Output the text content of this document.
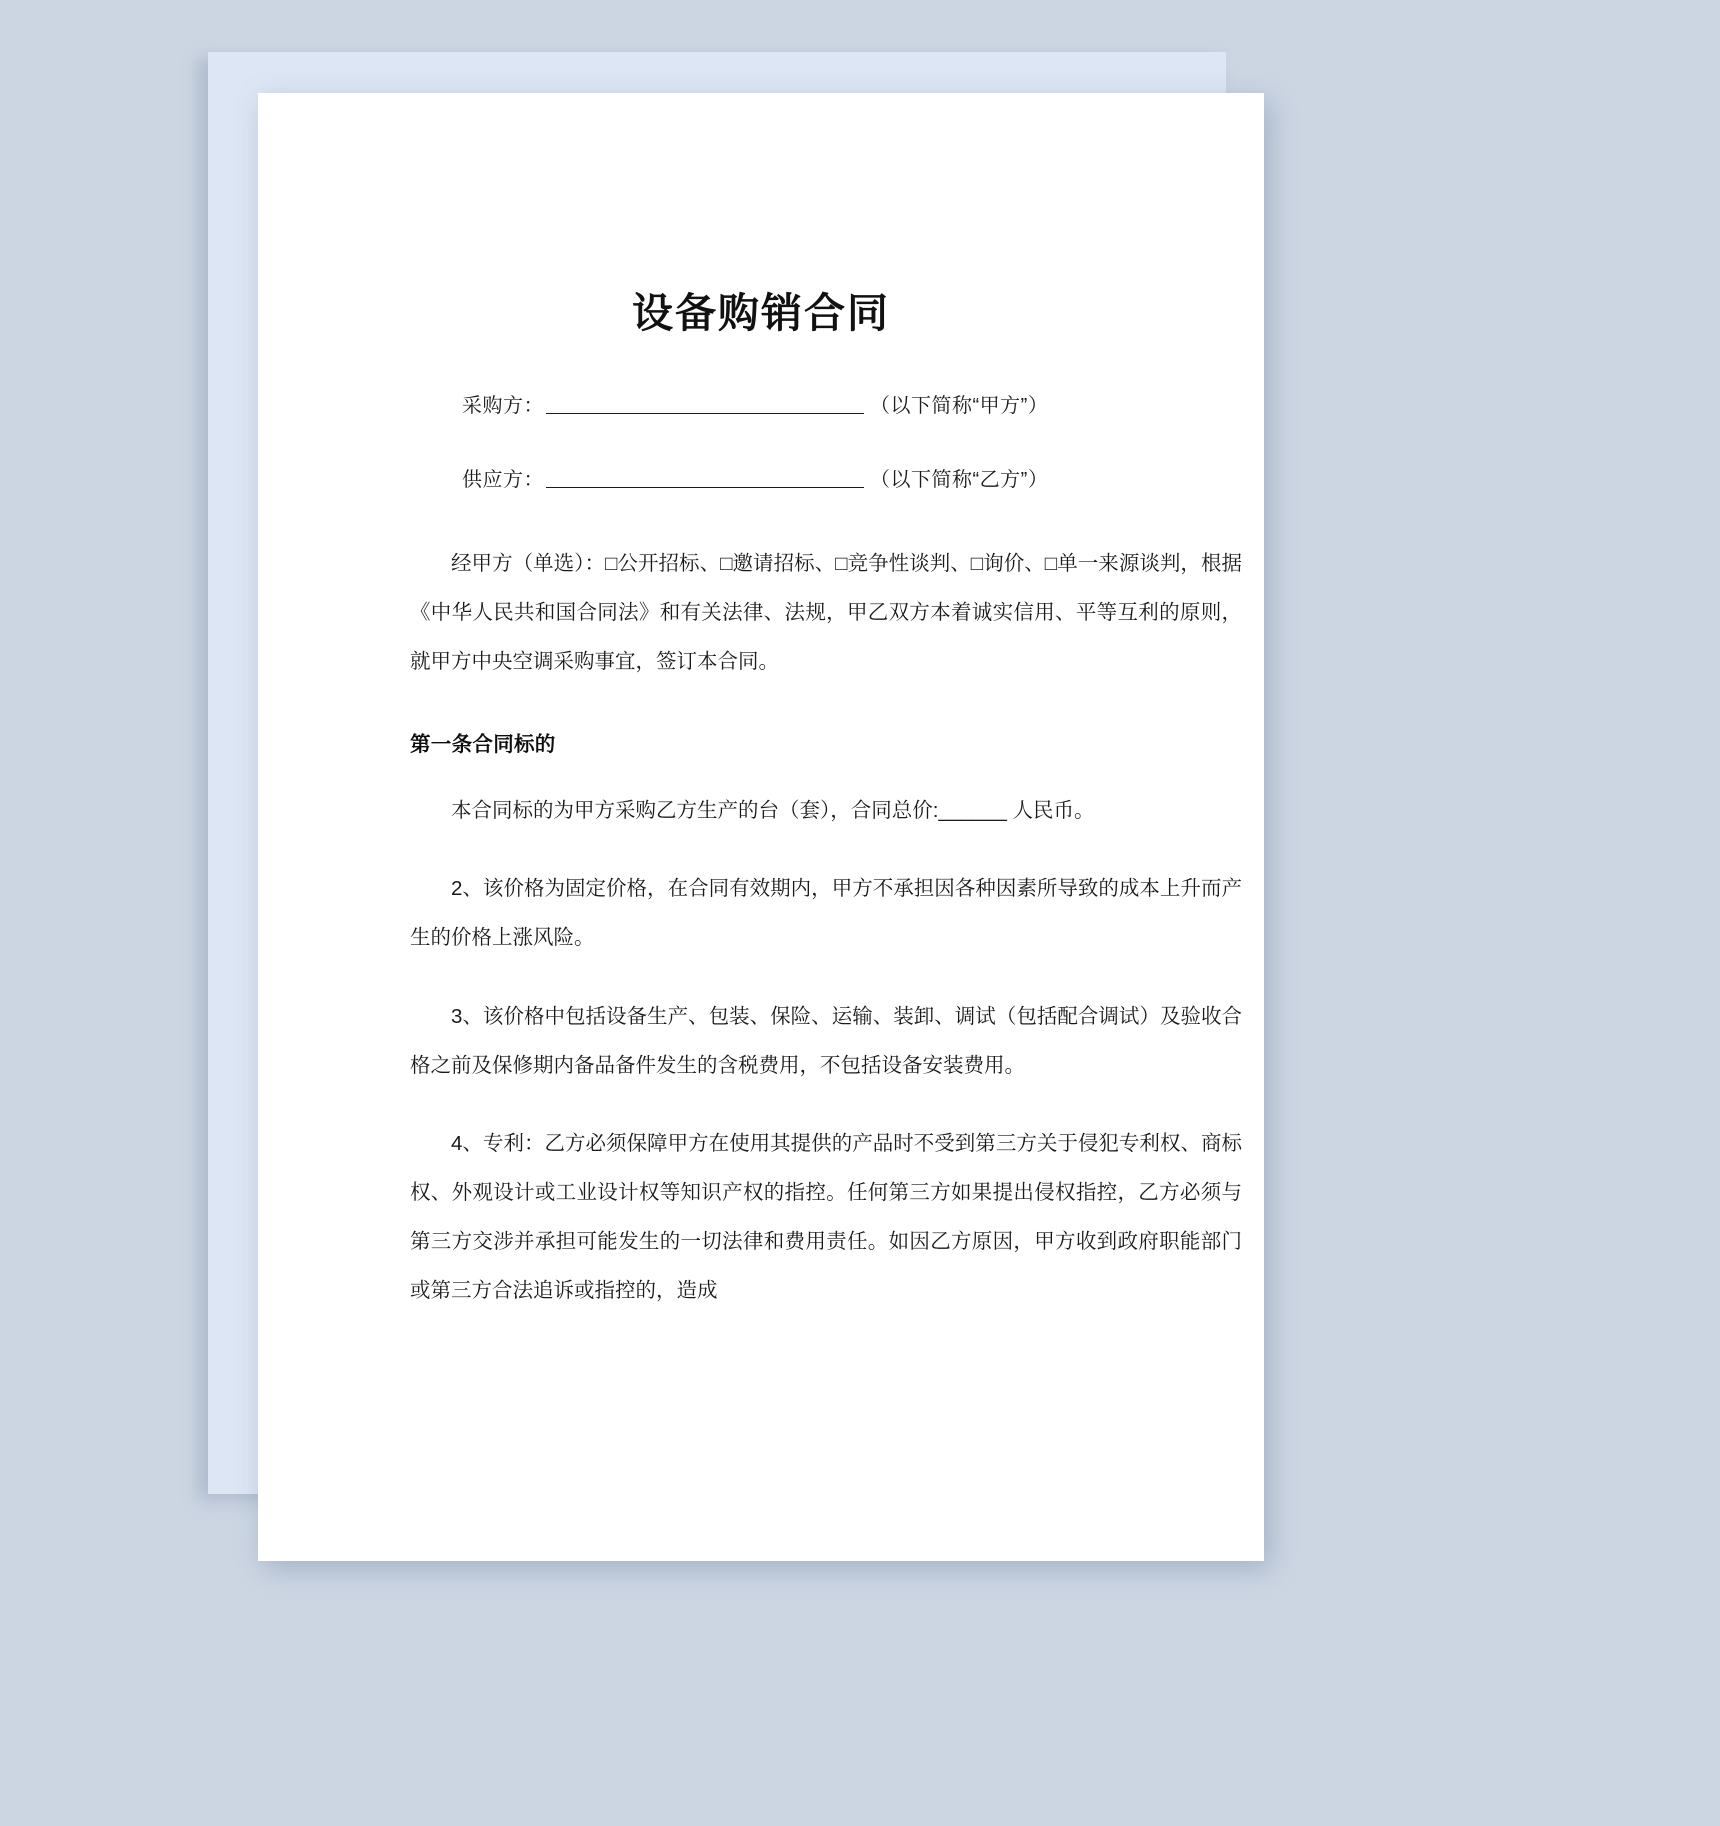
设备购销合同
采购方：	（以下简称“甲方”）
供应方：	（以下简称“乙方”）

经甲方（单选）：□公开招标、□邀请招标、□竞争性谈判、□询价、□单一来源谈判，根据《中华人民共和国合同法》和有关法律、法规，甲乙双方本着诚实信用、平等互利的原则，就甲方中央空调采购事宜，签订本合同。

第一条合同标的

本合同标的为甲方采购乙方生产的台（套），合同总价:______ 人民币。

2、该价格为固定价格，在合同有效期内，甲方不承担因各种因素所导致的成本上升而产生的价格上涨风险。

3、该价格中包括设备生产、包装、保险、运输、装卸、调试（包括配合调试）及验收合格之前及保修期内备品备件发生的含税费用，不包括设备安装费用。

4、专利：乙方必须保障甲方在使用其提供的产品时不受到第三方关于侵犯专利权、商标权、外观设计或工业设计权等知识产权的指控。任何第三方如果提出侵权指控，乙方必须与第三方交涉并承担可能发生的一切法律和费用责任。如因乙方原因，甲方收到政府职能部门或第三方合法追诉或指控的，造成
